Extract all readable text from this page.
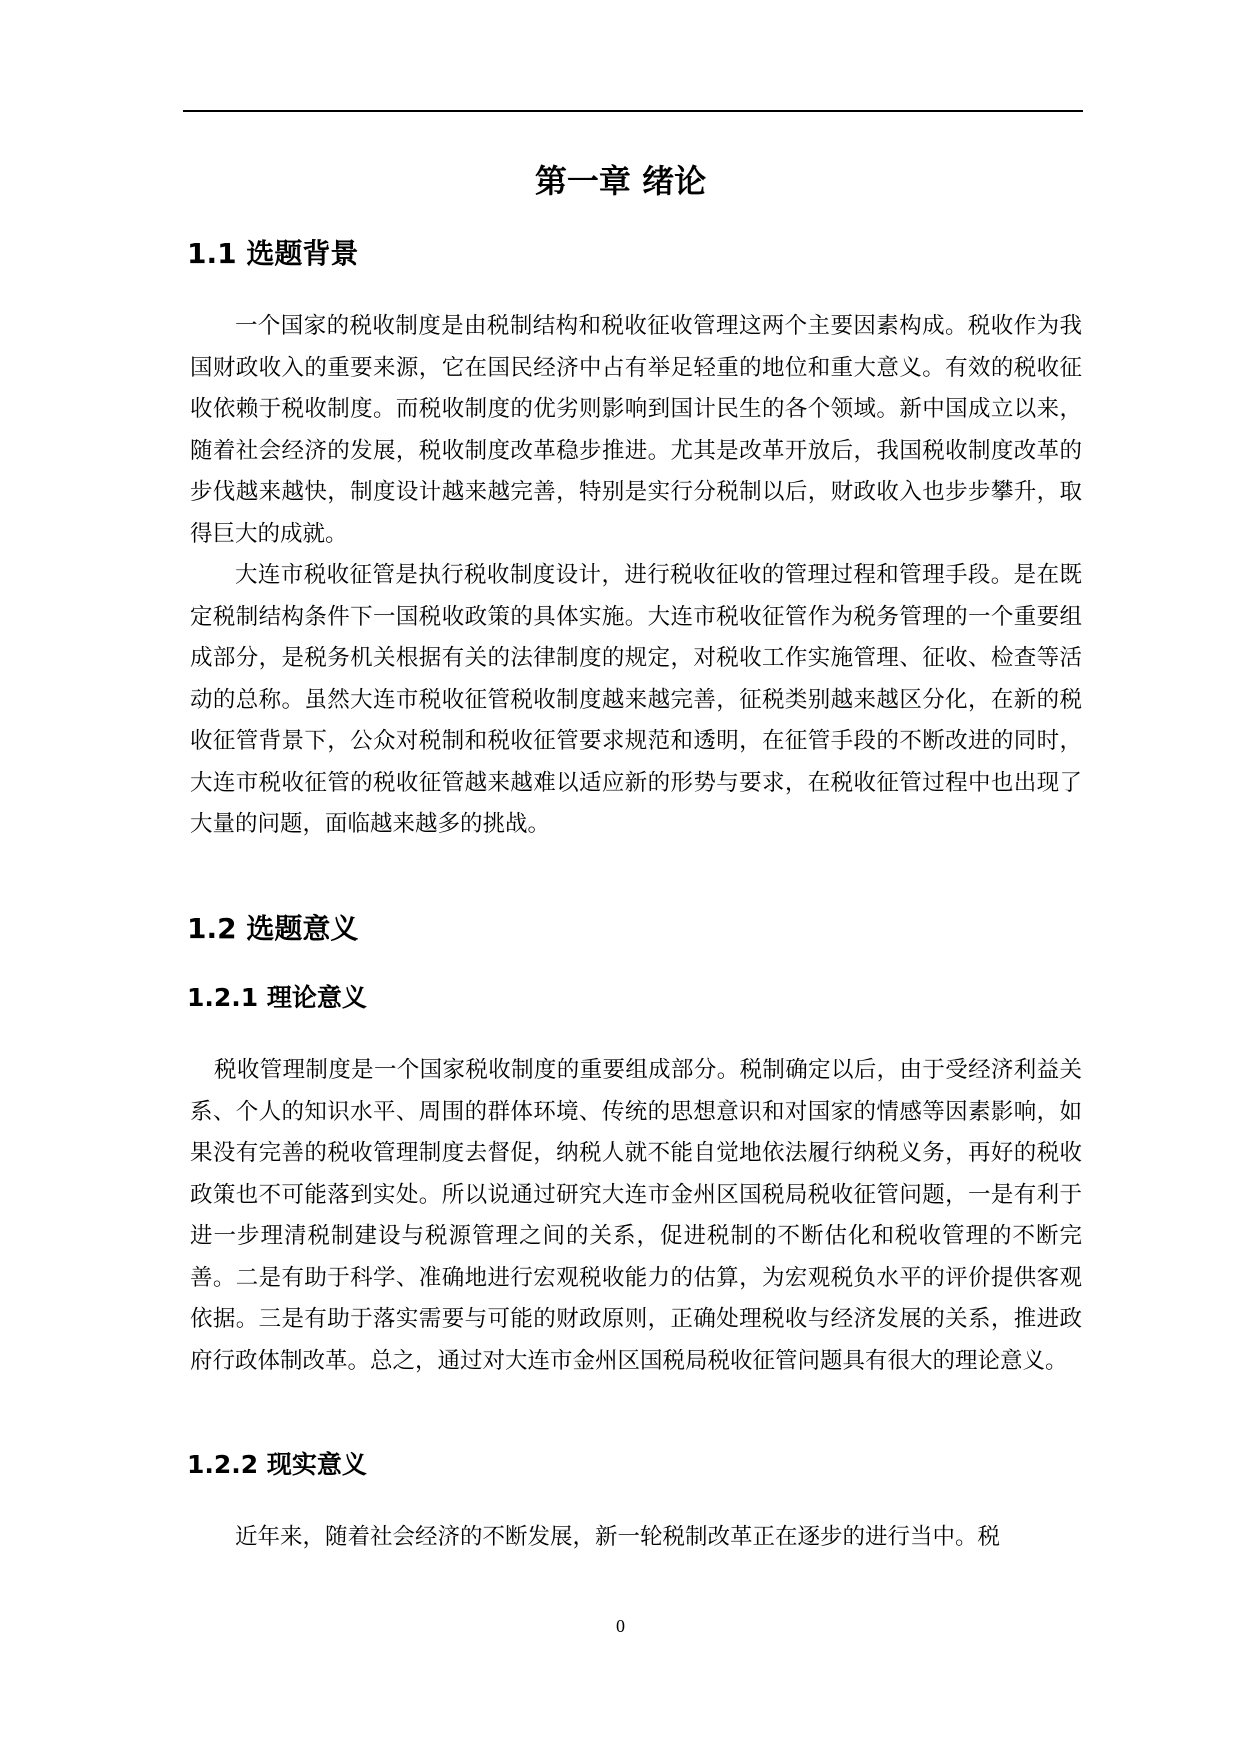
第一章 绪论
1.1 选题背景

一个国家的税收制度是由税制结构和税收征收管理这两个主要因素构成。税收作为我国财政收入的重要来源，它在国民经济中占有举足轻重的地位和重大意义。有效的税收征收依赖于税收制度。而税收制度的优劣则影响到国计民生的各个领域。新中国成立以来，随着社会经济的发展，税收制度改革稳步推进。尤其是改革开放后，我国税收制度改革的步伐越来越快，制度设计越来越完善，特别是实行分税制以后，财政收入也步步攀升，取得巨大的成就。

大连市税收征管是执行税收制度设计，进行税收征收的管理过程和管理手段。是在既定税制结构条件下一国税收政策的具体实施。大连市税收征管作为税务管理的一个重要组成部分，是税务机关根据有关的法律制度的规定，对税收工作实施管理、征收、检查等活动的总称。虽然大连市税收征管税收制度越来越完善，征税类别越来越区分化，在新的税收征管背景下，公众对税制和税收征管要求规范和透明，在征管手段的不断改进的同时，大连市税收征管的税收征管越来越难以适应新的形势与要求，在税收征管过程中也出现了大量的问题，面临越来越多的挑战。

1.2 选题意义
1.2.1 理论意义

税收管理制度是一个国家税收制度的重要组成部分。税制确定以后，由于受经济利益关系、个人的知识水平、周围的群体环境、传统的思想意识和对国家的情感等因素影响，如果没有完善的税收管理制度去督促，纳税人就不能自觉地依法履行纳税义务，再好的税收政策也不可能落到实处。所以说通过研究大连市金州区国税局税收征管问题，一是有利于进一步理清税制建设与税源管理之间的关系，促进税制的不断估化和税收管理的不断完善。二是有助于科学、准确地进行宏观税收能力的估算，为宏观税负水平的评价提供客观依据。三是有助于落实需要与可能的财政原则，正确处理税收与经济发展的关系，推进政府行政体制改革。总之，通过对大连市金州区国税局税收征管问题具有很大的理论意义。

1.2.2 现实意义

近年来，随着社会经济的不断发展，新一轮税制改革正在逐步的进行当中。税

0
